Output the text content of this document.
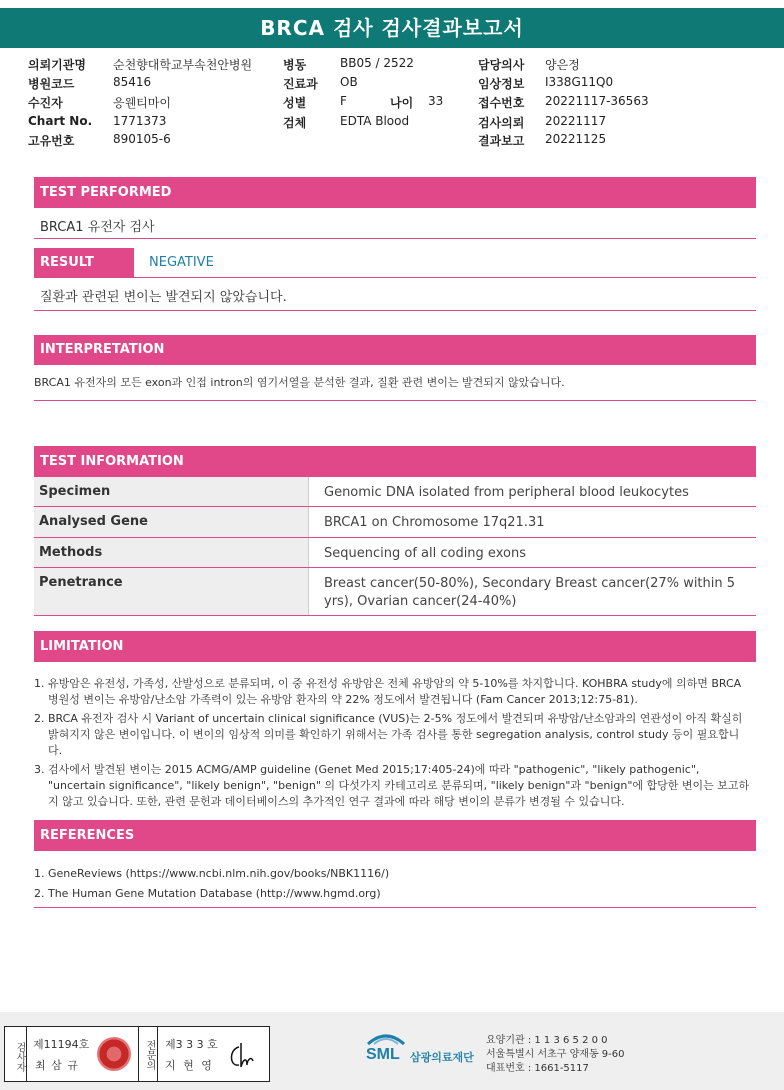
BRCA 검사 검사결과보고서
의뢰기관명 순천향대학교부속천안병원	병동	BB05 / 2522	담당의사 양은정
병원코드	85416	진료과 OB	임상정보 I338G11Q0
수진자	응웬티마이	성별	F	나이 33	접수번호 20221117-36563
Chart No. 1771373	검체	EDTA Blood	검사의뢰 20221117
고유번호	890105-6	결과보고 20221125
TEST PERFORMED
BRCA1 유전자 검사
RESULT	NEGATIVE
질환과 관련된 변이는 발견되지 않았습니다.
INTERPRETATION
BRCA1 유전자의 모든 exon과 인접 intron의 염기서열을 분석한 결과, 질환 관련 변이는 발견되지 않았습니다.
TEST INFORMATION
Specimen	Genomic DNA isolated from peripheral blood leukocytes
Analysed Gene	BRCA1 on Chromosome 17q21.31
Methods	Sequencing of all coding exons
Penetrance	Breast cancer(50-80%), Secondary Breast cancer(27% within 5 yrs), Ovarian cancer(24-40%)
LIMITATION
1. 유방암은 유전성, 가족성, 산발성으로 분류되며, 이 중 유전성 유방암은 전체 유방암의 약 5-10%를 차지합니다. KOHBRA study에 의하면 BRCA 병원성 변이는 유방암/난소암 가족력이 있는 유방암 환자의 약 22% 정도에서 발견됩니다 (Fam Cancer 2013;12:75-81).
2. BRCA 유전자 검사 시 Variant of uncertain clinical significance (VUS)는 2-5% 정도에서 발견되며 유방암/난소암과의 연관성이 아직 확실히 밝혀지지 않은 변이입니다. 이 변이의 임상적 의미를 확인하기 위해서는 가족 검사를 통한 segregation analysis, control study 등이 필요합니다.
3. 검사에서 발견된 변이는 2015 ACMG/AMP guideline (Genet Med 2015;17:405-24)에 따라 "pathogenic", "likely pathogenic", "uncertain significance", "likely benign", "benign" 의 다섯가지 카테고리로 분류되며, "likely benign"과 "benign"에 합당한 변이는 보고하지 않고 있습니다. 또한, 관련 문헌과 데이터베이스의 추가적인 연구 결과에 따라 해당 변이의 분류가 변경될 수 있습니다.
REFERENCES
1. GeneReviews (https://www.ncbi.nlm.nih.gov/books/NBK1116/)
2. The Human Gene Mutation Database (http://www.hgmd.org)
검사자 제11194호
최 삼 규	전문의 제3 3 3 호
지 현 영
SML 삼광의료재단
요양기관 : 1 1 3 6 5 2 0 0
서울특별시 서초구 양재동 9-60
대표번호 : 1661-5117
